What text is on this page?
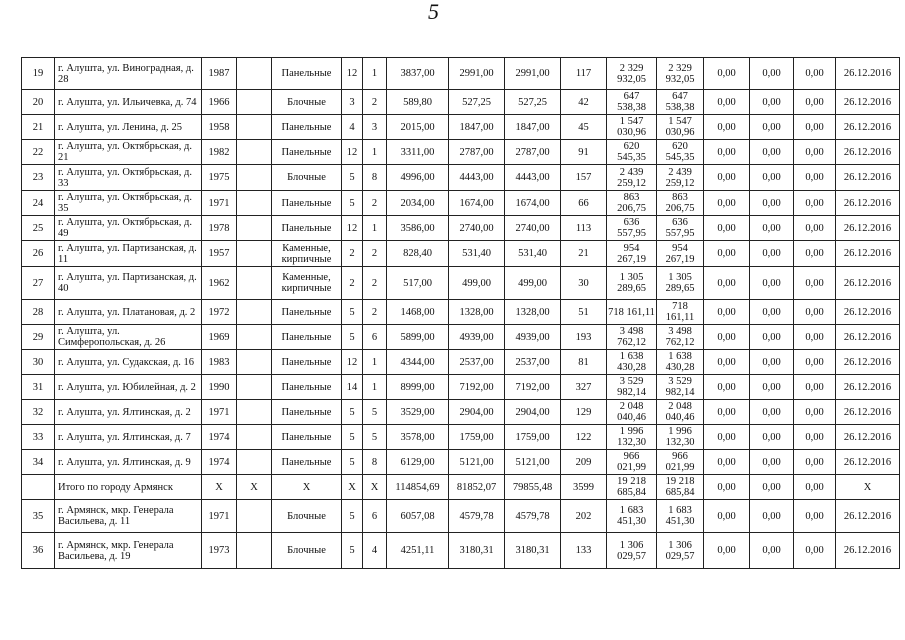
5
19	г. Алушта, ул. Виноградная, д. 28	1987		Панельные	12	1	3837,00	2991,00	2991,00	117	2 329 932,05	2 329 932,05	0,00	0,00	0,00	26.12.2016
20	г. Алушта, ул. Ильичевка, д. 74	1966		Блочные	3	2	589,80	527,25	527,25	42	647 538,38	647 538,38	0,00	0,00	0,00	26.12.2016
21	г. Алушта, ул. Ленина, д. 25	1958		Панельные	4	3	2015,00	1847,00	1847,00	45	1 547 030,96	1 547 030,96	0,00	0,00	0,00	26.12.2016
22	г. Алушта, ул. Октябрьская, д. 21	1982		Панельные	12	1	3311,00	2787,00	2787,00	91	620 545,35	620 545,35	0,00	0,00	0,00	26.12.2016
23	г. Алушта, ул. Октябрьская, д. 33	1975		Блочные	5	8	4996,00	4443,00	4443,00	157	2 439 259,12	2 439 259,12	0,00	0,00	0,00	26.12.2016
24	г. Алушта, ул. Октябрьская, д. 35	1971		Панельные	5	2	2034,00	1674,00	1674,00	66	863 206,75	863 206,75	0,00	0,00	0,00	26.12.2016
25	г. Алушта, ул. Октябрьская, д. 49	1978		Панельные	12	1	3586,00	2740,00	2740,00	113	636 557,95	636 557,95	0,00	0,00	0,00	26.12.2016
26	г. Алушта, ул. Партизанская, д. 11	1957		Каменные, кирпичные	2	2	828,40	531,40	531,40	21	954 267,19	954 267,19	0,00	0,00	0,00	26.12.2016
27	г. Алушта, ул. Партизанская, д. 40	1962		Каменные, кирпичные	2	2	517,00	499,00	499,00	30	1 305 289,65	1 305 289,65	0,00	0,00	0,00	26.12.2016
28	г. Алушта, ул. Платановая, д. 2	1972		Панельные	5	2	1468,00	1328,00	1328,00	51	718 161,11	718 161,11	0,00	0,00	0,00	26.12.2016
29	г. Алушта, ул. Симферопольская, д. 26	1969		Панельные	5	6	5899,00	4939,00	4939,00	193	3 498 762,12	3 498 762,12	0,00	0,00	0,00	26.12.2016
30	г. Алушта, ул. Судакская, д. 16	1983		Панельные	12	1	4344,00	2537,00	2537,00	81	1 638 430,28	1 638 430,28	0,00	0,00	0,00	26.12.2016
31	г. Алушта, ул. Юбилейная, д. 2	1990		Панельные	14	1	8999,00	7192,00	7192,00	327	3 529 982,14	3 529 982,14	0,00	0,00	0,00	26.12.2016
32	г. Алушта, ул. Ялтинская, д. 2	1971		Панельные	5	5	3529,00	2904,00	2904,00	129	2 048 040,46	2 048 040,46	0,00	0,00	0,00	26.12.2016
33	г. Алушта, ул. Ялтинская, д. 7	1974		Панельные	5	5	3578,00	1759,00	1759,00	122	1 996 132,30	1 996 132,30	0,00	0,00	0,00	26.12.2016
34	г. Алушта, ул. Ялтинская, д. 9	1974		Панельные	5	8	6129,00	5121,00	5121,00	209	966 021,99	966 021,99	0,00	0,00	0,00	26.12.2016
	Итого по городу Армянск	X	X	X	X	X	114854,69	81852,07	79855,48	3599	19 218 685,84	19 218 685,84	0,00	0,00	0,00	X
35	г. Армянск, мкр. Генерала Васильева, д. 11	1971		Блочные	5	6	6057,08	4579,78	4579,78	202	1 683 451,30	1 683 451,30	0,00	0,00	0,00	26.12.2016
36	г. Армянск, мкр. Генерала Васильева, д. 19	1973		Блочные	5	4	4251,11	3180,31	3180,31	133	1 306 029,57	1 306 029,57	0,00	0,00	0,00	26.12.2016
